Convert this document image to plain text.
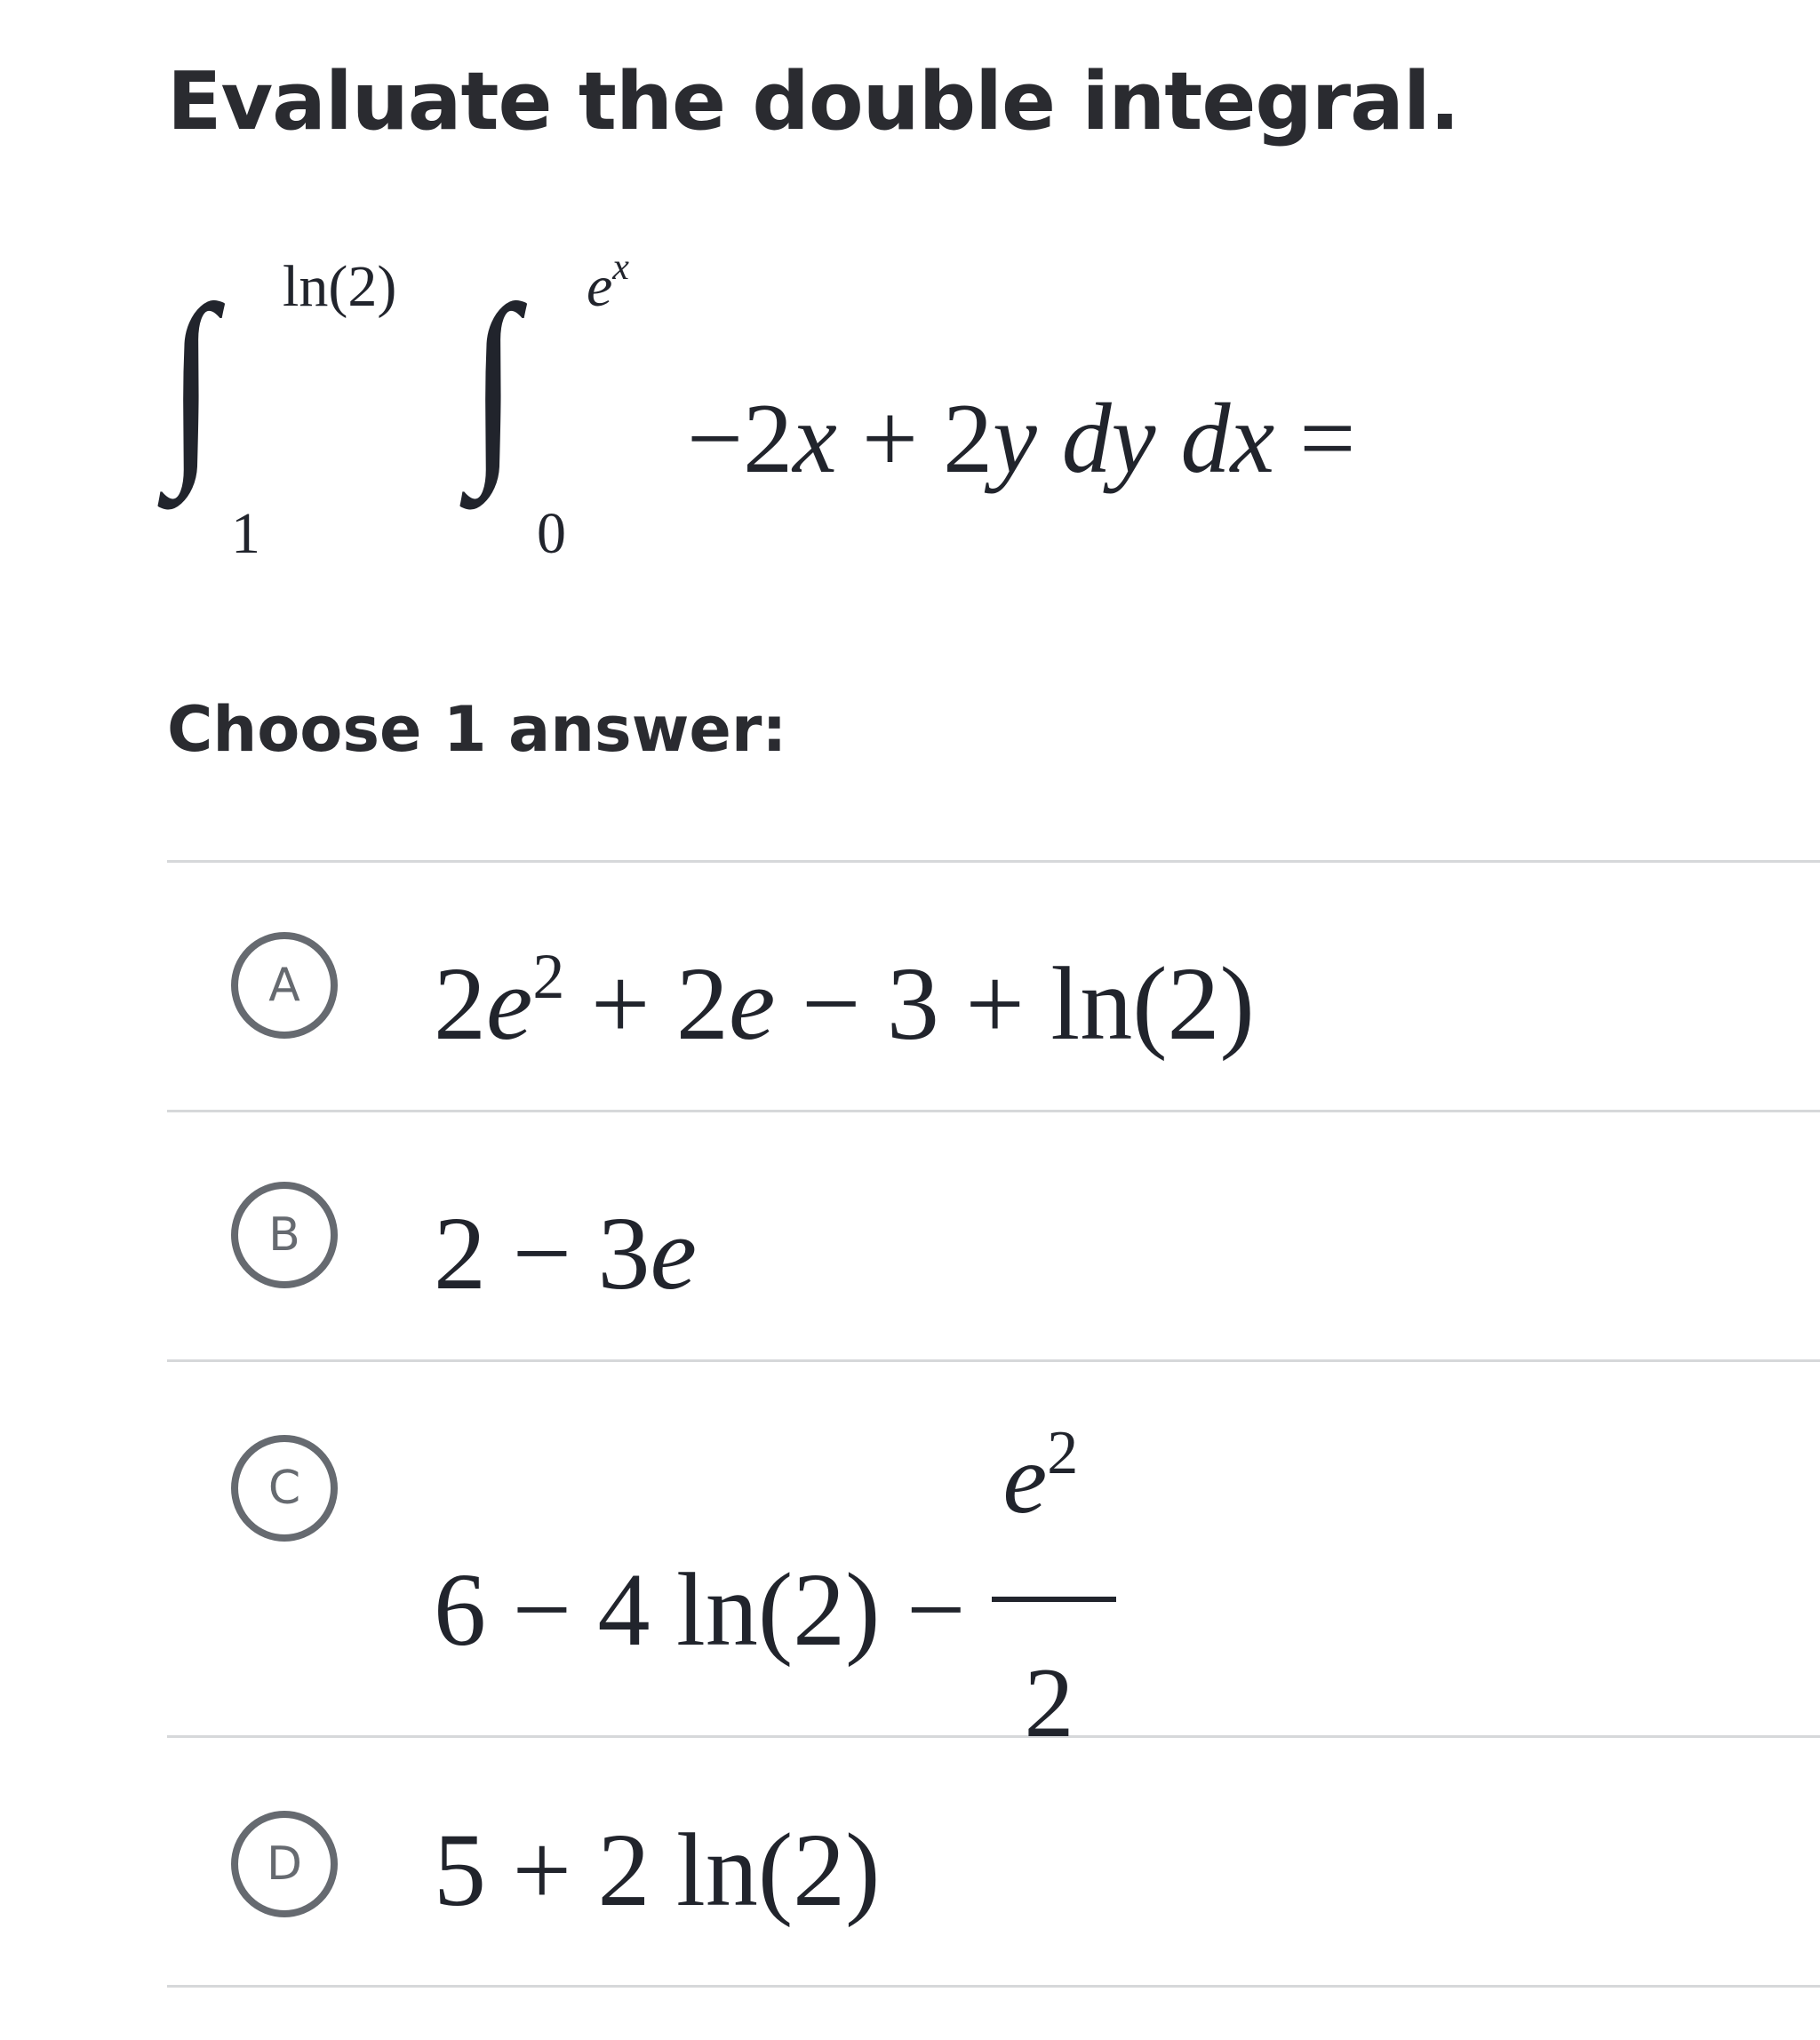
Evaluate the double integral.
∫ ln(2)
1
∫ $e^x$
0
−2x + 2y dy dx =

Choose 1 answer:

A	$2e^2 + 2e - 3 + \ln(2)$
B	2 − 3e
C
6 − 4 ln(2) −
$e^2$
2
D	5 + 2 ln(2)
